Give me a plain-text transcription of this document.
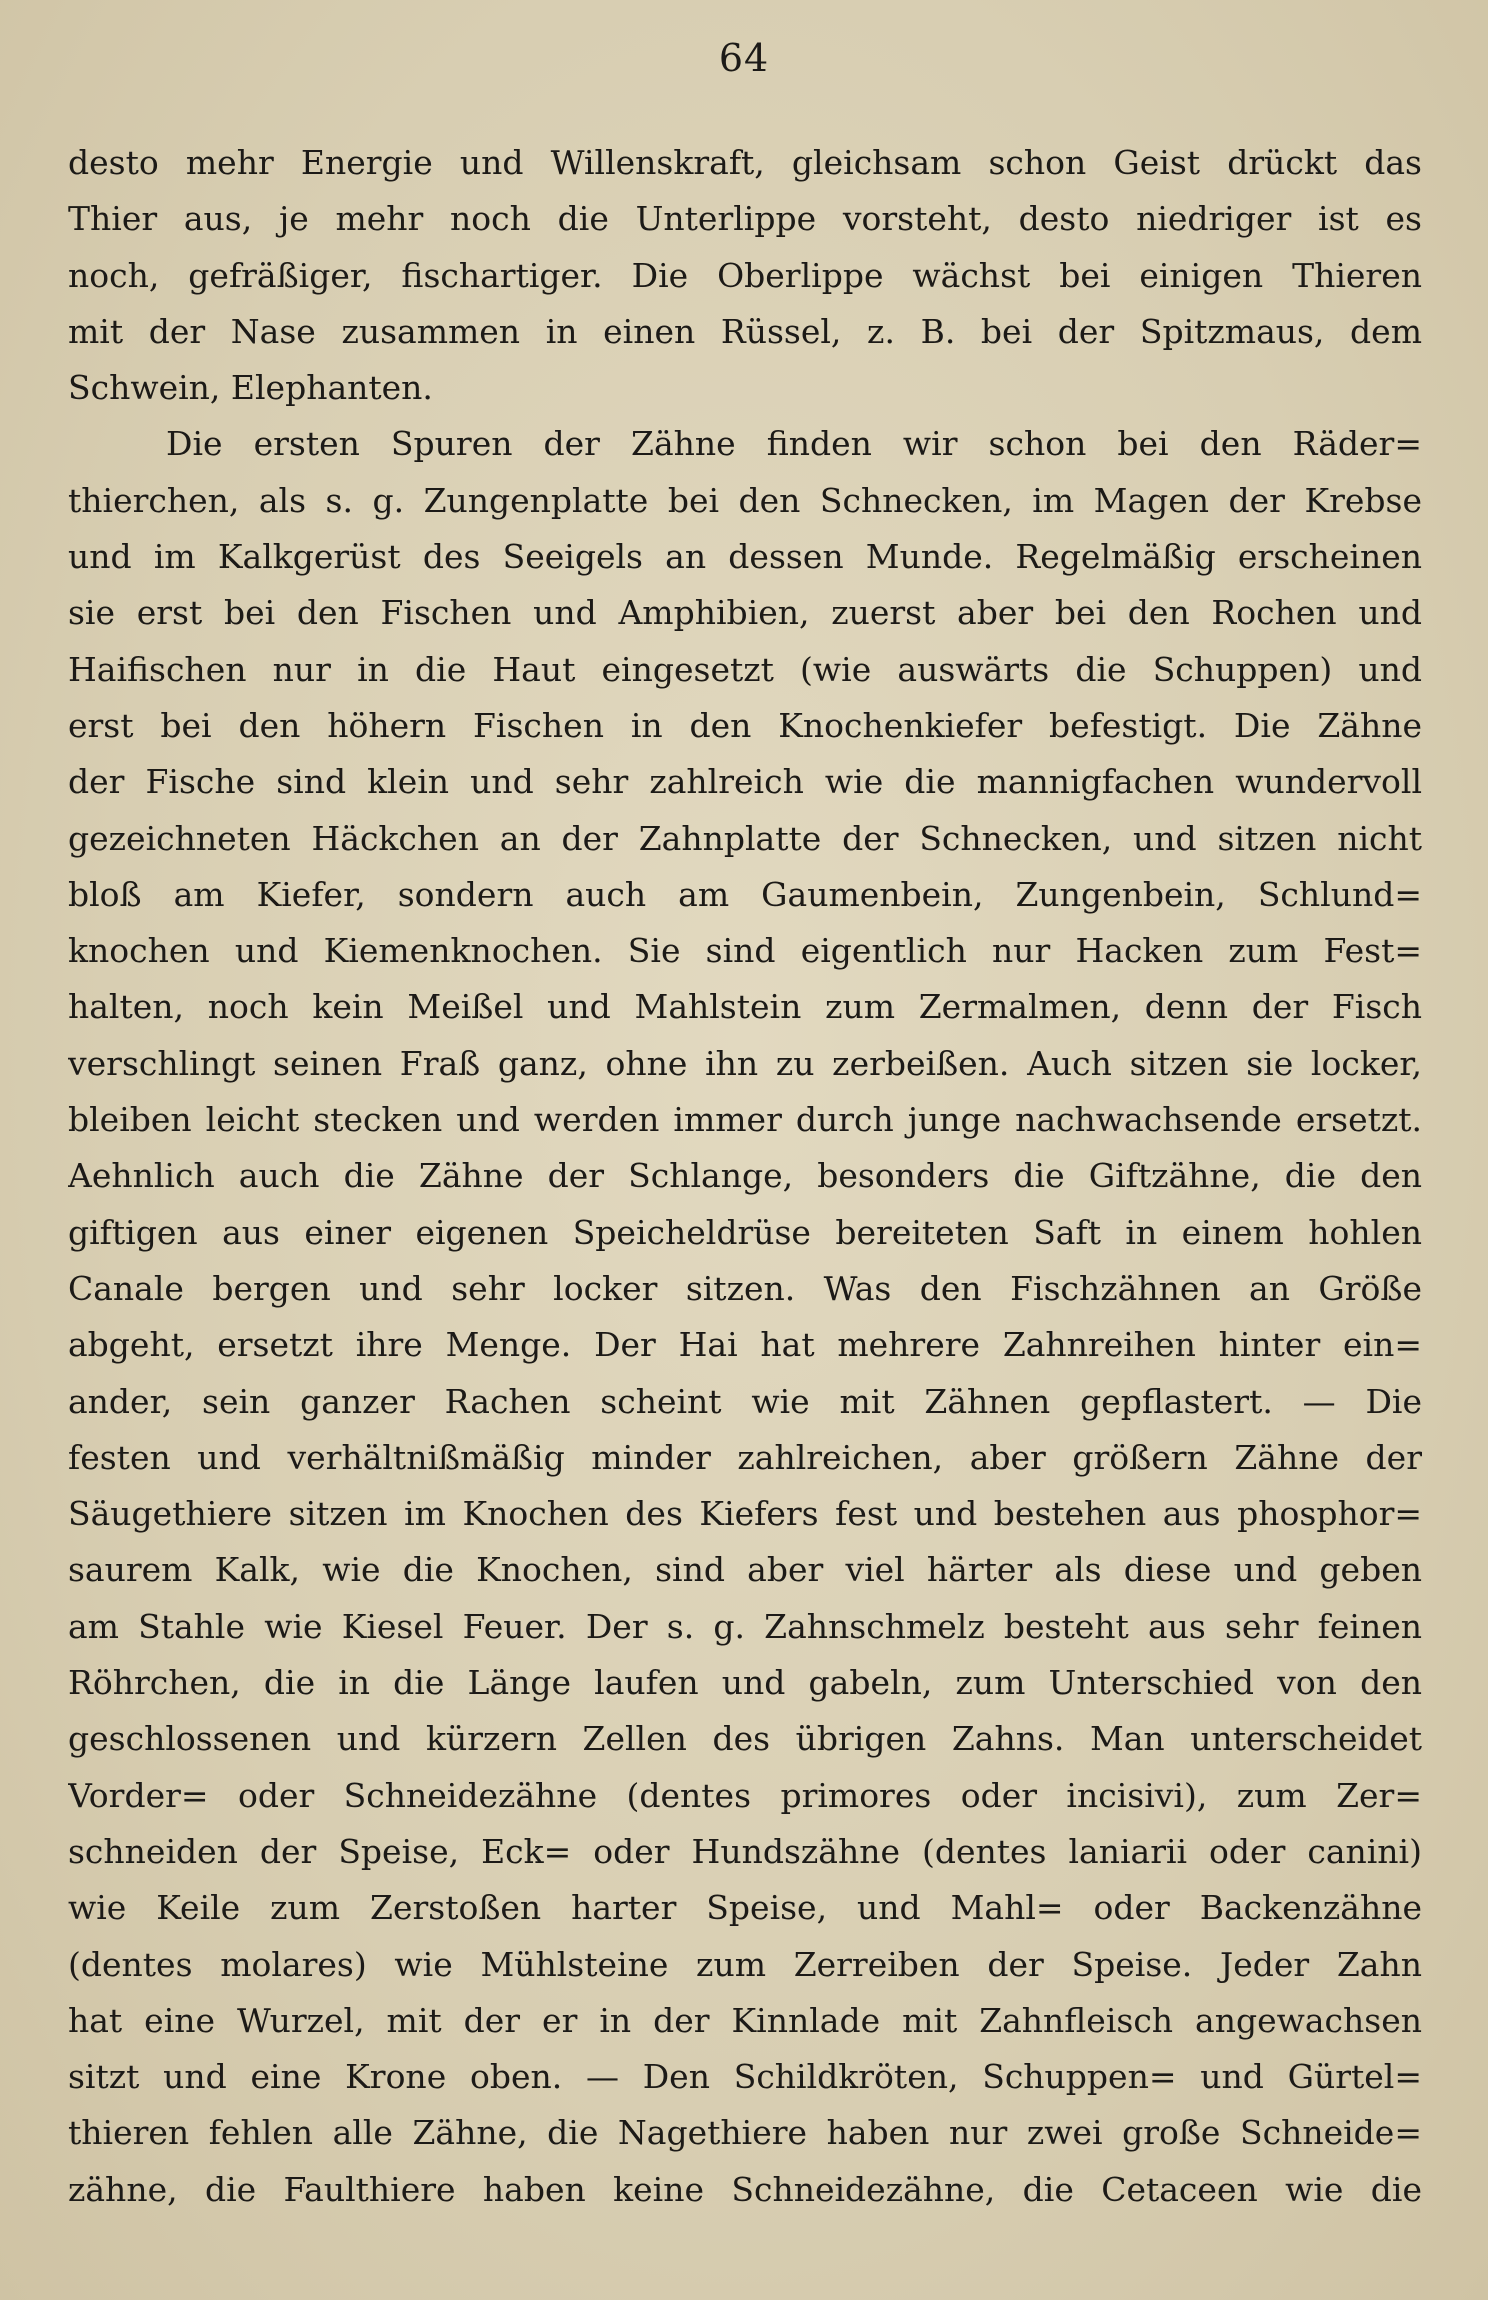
64
desto mehr Energie und Willenskraft, gleichsam schon Geist drückt das
Thier aus, je mehr noch die Unterlippe vorsteht, desto niedriger ist es
noch, gefräßiger, fischartiger. Die Oberlippe wächst bei einigen Thieren
mit der Nase zusammen in einen Rüssel, z. B. bei der Spitzmaus, dem
Schwein, Elephanten.
Die ersten Spuren der Zähne finden wir schon bei den Räder=
thierchen, als s. g. Zungenplatte bei den Schnecken, im Magen der Krebse
und im Kalkgerüst des Seeigels an dessen Munde. Regelmäßig erscheinen
sie erst bei den Fischen und Amphibien, zuerst aber bei den Rochen und
Haifischen nur in die Haut eingesetzt (wie auswärts die Schuppen) und
erst bei den höhern Fischen in den Knochenkiefer befestigt. Die Zähne
der Fische sind klein und sehr zahlreich wie die mannigfachen wundervoll
gezeichneten Häckchen an der Zahnplatte der Schnecken, und sitzen nicht
bloß am Kiefer, sondern auch am Gaumenbein, Zungenbein, Schlund=
knochen und Kiemenknochen. Sie sind eigentlich nur Hacken zum Fest=
halten, noch kein Meißel und Mahlstein zum Zermalmen, denn der Fisch
verschlingt seinen Fraß ganz, ohne ihn zu zerbeißen. Auch sitzen sie locker,
bleiben leicht stecken und werden immer durch junge nachwachsende ersetzt.
Aehnlich auch die Zähne der Schlange, besonders die Giftzähne, die den
giftigen aus einer eigenen Speicheldrüse bereiteten Saft in einem hohlen
Canale bergen und sehr locker sitzen. Was den Fischzähnen an Größe
abgeht, ersetzt ihre Menge. Der Hai hat mehrere Zahnreihen hinter ein=
ander, sein ganzer Rachen scheint wie mit Zähnen gepflastert. — Die
festen und verhältnißmäßig minder zahlreichen, aber größern Zähne der
Säugethiere sitzen im Knochen des Kiefers fest und bestehen aus phosphor=
saurem Kalk, wie die Knochen, sind aber viel härter als diese und geben
am Stahle wie Kiesel Feuer. Der s. g. Zahnschmelz besteht aus sehr feinen
Röhrchen, die in die Länge laufen und gabeln, zum Unterschied von den
geschlossenen und kürzern Zellen des übrigen Zahns. Man unterscheidet
Vorder= oder Schneidezähne (dentes primores oder incisivi), zum Zer=
schneiden der Speise, Eck= oder Hundszähne (dentes laniarii oder canini)
wie Keile zum Zerstoßen harter Speise, und Mahl= oder Backenzähne
(dentes molares) wie Mühlsteine zum Zerreiben der Speise. Jeder Zahn
hat eine Wurzel, mit der er in der Kinnlade mit Zahnfleisch angewachsen
sitzt und eine Krone oben. — Den Schildkröten, Schuppen= und Gürtel=
thieren fehlen alle Zähne, die Nagethiere haben nur zwei große Schneide=
zähne, die Faulthiere haben keine Schneidezähne, die Cetaceen wie die
